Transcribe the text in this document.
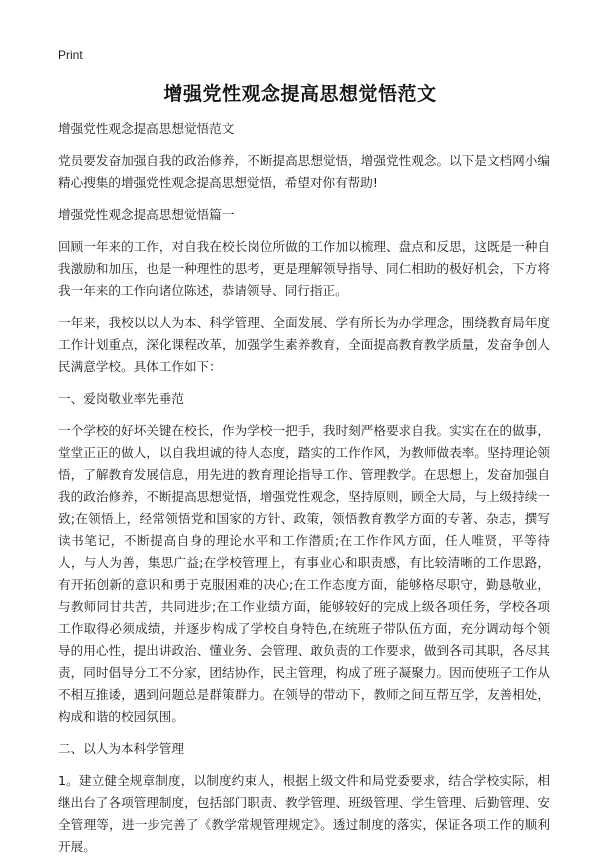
Print
增强党性观念提高思想觉悟范文

增强党性观念提高思想觉悟范文

党员要发奋加强自我的政治修养，不断提高思想觉悟，增强党性观念。以下是文档网小编精心搜集的增强党性观念提高思想觉悟，希望对你有帮助!

增强党性观念提高思想觉悟篇一

回顾一年来的工作，对自我在校长岗位所做的工作加以梳理、盘点和反思，这既是一种自我激励和加压，也是一种理性的思考，更是理解领导指导、同仁相助的极好机会，下方将我一年来的工作向诸位陈述，恭请领导、同行指正。

一年来，我校以以人为本、科学管理、全面发展、学有所长为办学理念，围绕教育局年度工作计划重点，深化课程改革，加强学生素养教育，全面提高教育教学质量，发奋争创人民满意学校。具体工作如下：

一、爱岗敬业率先垂范

一个学校的好坏关键在校长，作为学校一把手，我时刻严格要求自我。实实在在的做事，堂堂正正的做人，以自我坦诚的待人态度，踏实的工作作风，为教师做表率。坚持理论领悟，了解教育发展信息，用先进的教育理论指导工作、管理教学。在思想上，发奋加强自我的政治修养，不断提高思想觉悟，增强党性观念，坚持原则，顾全大局，与上级持续一致;在领悟上，经常领悟党和国家的方针、政策，领悟教育教学方面的专著、杂志，撰写读书笔记，不断提高自身的理论水平和工作潜质;在工作作风方面，任人唯贤，平等待人，与人为善，集思广益;在学校管理上，有事业心和职责感，有比较清晰的工作思路，有开拓创新的意识和勇于克服困难的决心;在工作态度方面，能够格尽职守，勤恳敬业，与教师同甘共苦，共同进步;在工作业绩方面，能够较好的完成上级各项任务，学校各项工作取得必须成绩，并逐步构成了学校自身特色,在统班子带队伍方面，充分调动每个领导的用心性，提出讲政治、懂业务、会管理、敢负责的工作要求，做到各司其职，各尽其责，同时倡导分工不分家，团结协作，民主管理，构成了班子凝聚力。因而使班子工作从不相互推诿，遇到问题总是群策群力。在领导的带动下，教师之间互帮互学，友善相处，构成和谐的校园氛围。

二、以人为本科学管理

1。建立健全规章制度，以制度约束人，根据上级文件和局党委要求，结合学校实际，相继出台了各项管理制度，包括部门职责、教学管理、班级管理、学生管理、后勤管理、安全管理等，进一步完善了《教学常规管理规定》。透过制度的落实，保证各项工作的顺利开展。
